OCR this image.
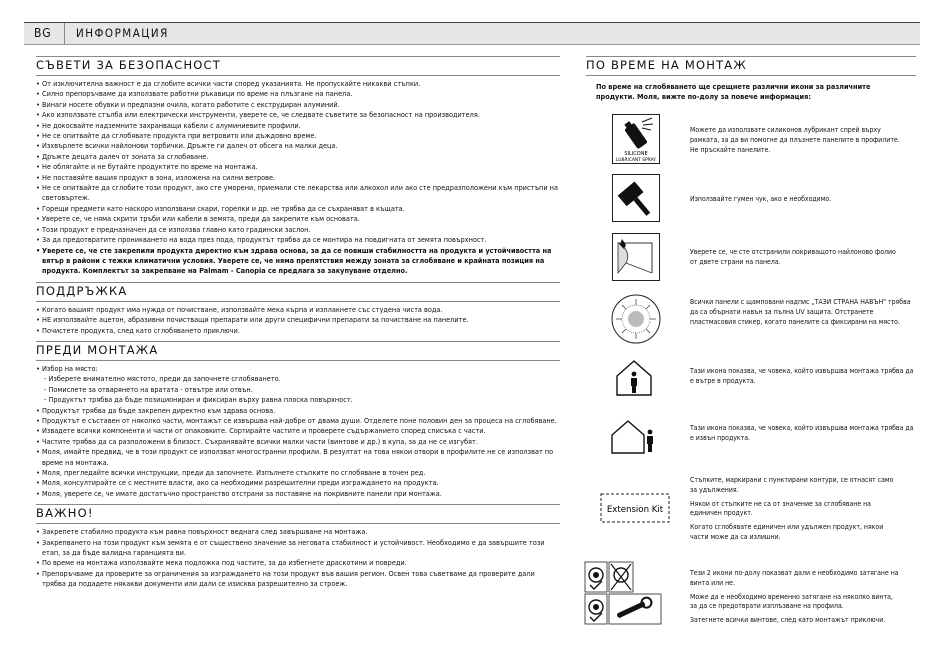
BG ИНФОРМАЦИЯ
СЪВЕТИ ЗА БЕЗОПАСНОСТ
• От изключителна важност е да сглобите всички части според указанията. Не пропускайте никакви стъпки.
• Силно препоръчваме да използвате работни ръкавици по време на плъзгане на панела.
• Винаги носете обувки и предпазни очила, когато работите с екструдиран алуминий.
• Ако използвате стълба или електрически инструменти, уверете се, че следвате съветите за безопасност на производителя.
• Не докосвайте надземните захранващи кабели с алуминиевите профили.
• Не се опитвайте да сглобявате продукта при ветровито или дъждовно време.
• Изхвърлете всички найлонови торбички. Дръжте ги далеч от обсега на малки деца.
• Дръжте децата далеч от зоната за сглобяване.
• Не облягайте и не бутайте продуктите по време на монтажа.
• Не поставяйте вашия продукт в зона, изложена на силни ветрове.
• Не се опитвайте да сглобите този продукт, ако сте уморени, приемали сте лекарства или алкохол или ако сте предразположени към пристъпи на световъртеж.
• Горещи предмети като наскоро използвани скари, горелки и др. не трябва да се съхраняват в къщата.
• Уверете се, че няма скрити тръби или кабели в земята, преди да закрепите към основата.
• Този продукт е предназначен да се използва главно като градински заслон.
• За да предотвратите проникването на вода през пода, продуктът трябва да се монтира на повдигната от земята повърхност.
• Уверете се, че сте закрепили продукта директно към здрава основа, за да се повиши стабилността на продукта и устойчивостта на вятър в райони с тежки климатични условия. Уверете се, че няма препятствия между зоната за сглобяване и крайната позиция на продукта. Комплектът за закрепване на Palmam - Canopia се предлага за закупуване отделно.
ПОДДРЪЖКА
• Когато вашият продукт има нужда от почистване, използвайте мека кърпа и изплакнете със студена чиста вода.
• НЕ използвайте ацетон, абразивни почистващи препарати или други специфични препарати за почистване на панелите.
• Почистете продукта, след като сглобяването приключи.
ПРЕДИ МОНТАЖА
• Избор на място:
- Изберете внимателно мястото, преди да започнете сглобяването.
- Помислете за отварянето на вратата - отвътре или отвън.
- Продуктът трябва да бъде позициониран и фиксиран върху равна плоска повърхност.
• Продуктът трябва да бъде закрепен директно към здрава основа.
• Продуктът е съставен от няколко части, монтажът се извършва най-добре от двама души. Отделете поне половин ден за процеса на сглобяване.
• Извадете всички компоненти и части от опаковките. Сортирайте частите и проверете съдържанието според списъка с части.
• Частите трябва да са разположени в близост. Съхранявайте всички малки части (винтове и др.) в купа, за да не се изгубят.
• Моля, имайте предвид, че в този продукт се използват многостранни профили. В резултат на това някои отвори в профилите не се използват по време на монтажа.
• Моля, прегледайте всички инструкции, преди да започнете. Изпълнете стъпките по сглобяване в точен ред.
• Моля, консултирайте се с местните власти, ако са необходими разрешителни преди изграждането на продукта.
• Моля, уверете се, че имате достатъчно пространство отстрани за поставяне на покривните панели при монтажа.
ВАЖНО!
• Закрепете стабилно продукта към равна повърхност веднага след завършване на монтажа.
• Закрепването на този продукт към земята е от съществено значение за неговата стабилност и устойчивост. Необходимо е да завършите този етап, за да бъде валидна гаранцията ви.
• По време на монтажа използвайте мека подложка под частите, за да избегнете драскотини и повреди.
• Препоръчваме да проверите за ограничения за изграждането на този продукт във вашия регион. Освен това съветваме да проверите дали трябва да подадете някакви документи или дали се изисква разрешително за строеж.
ПО ВРЕМЕ НА МОНТАЖ
По време на сглобяването ще срещнете различни икони за различните продукти. Моля, вижте по-долу за повече информация:
SILICONE
LUBRICANT SPRAY

Можете да използвате силиконов лубрикант спрей върху рамката, за да ви помогне да плъзнете панелите в профилите. Не пръскайте панелите.

Използвайте гумен чук, ако е необходимо.

Уверете се, че сте отстранили покриващото найлоново фолио от двете страни на панела.

Всички панели с щамповани надпис „ТАЗИ СТРАНА НАВЪН" трябва да са обърнати навън за пълна UV защита. Отстранете пластмасовия стикер, когато панелите са фиксирани на място.

Тази икона показва, че човека, който извършва монтажа трябва да е вътре в продукта.

Тази икона показва, че човека, който извършва монтажа трябва да е извън продукта.

Extension Kit

Стъпките, маркирани с пунктирани контури, се отнасят само за удължения.

Някои от стъпките не са от значение за сглобяване на единичен продукт.

Когато сглобявате единичен или удължен продукт, някои части може да са излишни.

Тези 2 икони по-долу показват дали е необходимо затягане на винта или не.

Може да е необходимо временно затягане на няколко винта, за да се предотврати изплъзване на профила.

Затегнете всички винтове, след като монтажът приключи.
